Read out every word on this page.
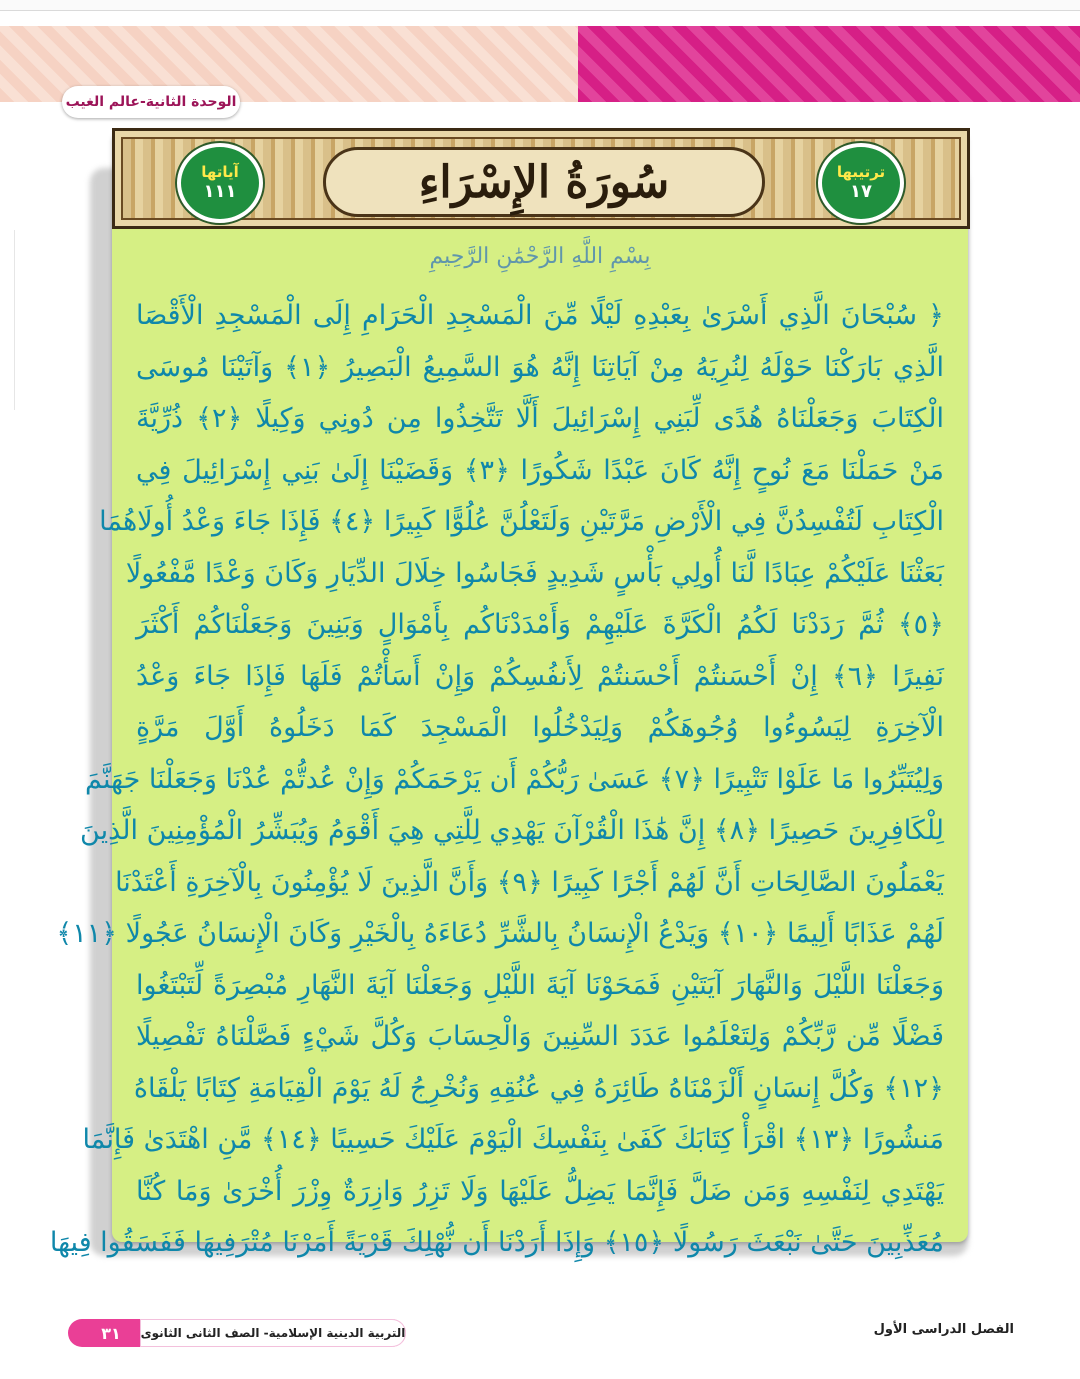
الوحدة الثانية-عالم الغيب
سُورَةُ الإِسْرَاءِ
آياتها
١١١
ترتيبها
١٧
بِسْمِ اللَّهِ الرَّحْمَٰنِ الرَّحِيمِ
﴿ سُبْحَانَ الَّذِي أَسْرَىٰ بِعَبْدِهِ لَيْلًا مِّنَ الْمَسْجِدِ الْحَرَامِ إِلَى الْمَسْجِدِ الْأَقْصَا
الَّذِي بَارَكْنَا حَوْلَهُ لِنُرِيَهُ مِنْ آيَاتِنَا إِنَّهُ هُوَ السَّمِيعُ الْبَصِيرُ ﴿١﴾ وَآتَيْنَا مُوسَى
الْكِتَابَ وَجَعَلْنَاهُ هُدًى لِّبَنِي إِسْرَائِيلَ أَلَّا تَتَّخِذُوا مِن دُونِي وَكِيلًا ﴿٢﴾ ذُرِّيَّةَ
مَنْ حَمَلْنَا مَعَ نُوحٍ إِنَّهُ كَانَ عَبْدًا شَكُورًا ﴿٣﴾ وَقَضَيْنَا إِلَىٰ بَنِي إِسْرَائِيلَ فِي
الْكِتَابِ لَتُفْسِدُنَّ فِي الْأَرْضِ مَرَّتَيْنِ وَلَتَعْلُنَّ عُلُوًّا كَبِيرًا ﴿٤﴾ فَإِذَا جَاءَ وَعْدُ أُولَاهُمَا
بَعَثْنَا عَلَيْكُمْ عِبَادًا لَّنَا أُولِي بَأْسٍ شَدِيدٍ فَجَاسُوا خِلَالَ الدِّيَارِ وَكَانَ وَعْدًا مَّفْعُولًا
﴿٥﴾ ثُمَّ رَدَدْنَا لَكُمُ الْكَرَّةَ عَلَيْهِمْ وَأَمْدَدْنَاكُم بِأَمْوَالٍ وَبَنِينَ وَجَعَلْنَاكُمْ أَكْثَرَ
نَفِيرًا ﴿٦﴾ إِنْ أَحْسَنتُمْ أَحْسَنتُمْ لِأَنفُسِكُمْ وَإِنْ أَسَأْتُمْ فَلَهَا فَإِذَا جَاءَ وَعْدُ
الْآخِرَةِ لِيَسُوءُوا وُجُوهَكُمْ وَلِيَدْخُلُوا الْمَسْجِدَ كَمَا دَخَلُوهُ أَوَّلَ مَرَّةٍ
وَلِيُتَبِّرُوا مَا عَلَوْا تَتْبِيرًا ﴿٧﴾ عَسَىٰ رَبُّكُمْ أَن يَرْحَمَكُمْ وَإِنْ عُدتُّمْ عُدْنَا وَجَعَلْنَا جَهَنَّمَ
لِلْكَافِرِينَ حَصِيرًا ﴿٨﴾ إِنَّ هَٰذَا الْقُرْآنَ يَهْدِي لِلَّتِي هِيَ أَقْوَمُ وَيُبَشِّرُ الْمُؤْمِنِينَ الَّذِينَ
يَعْمَلُونَ الصَّالِحَاتِ أَنَّ لَهُمْ أَجْرًا كَبِيرًا ﴿٩﴾ وَأَنَّ الَّذِينَ لَا يُؤْمِنُونَ بِالْآخِرَةِ أَعْتَدْنَا
لَهُمْ عَذَابًا أَلِيمًا ﴿١٠﴾ وَيَدْعُ الْإِنسَانُ بِالشَّرِّ دُعَاءَهُ بِالْخَيْرِ وَكَانَ الْإِنسَانُ عَجُولًا ﴿١١﴾
وَجَعَلْنَا اللَّيْلَ وَالنَّهَارَ آيَتَيْنِ فَمَحَوْنَا آيَةَ اللَّيْلِ وَجَعَلْنَا آيَةَ النَّهَارِ مُبْصِرَةً لِّتَبْتَغُوا
فَضْلًا مِّن رَّبِّكُمْ وَلِتَعْلَمُوا عَدَدَ السِّنِينَ وَالْحِسَابَ وَكُلَّ شَيْءٍ فَصَّلْنَاهُ تَفْصِيلًا
﴿١٢﴾ وَكُلَّ إِنسَانٍ أَلْزَمْنَاهُ طَائِرَهُ فِي عُنُقِهِ وَنُخْرِجُ لَهُ يَوْمَ الْقِيَامَةِ كِتَابًا يَلْقَاهُ
مَنشُورًا ﴿١٣﴾ اقْرَأْ كِتَابَكَ كَفَىٰ بِنَفْسِكَ الْيَوْمَ عَلَيْكَ حَسِيبًا ﴿١٤﴾ مَّنِ اهْتَدَىٰ فَإِنَّمَا
يَهْتَدِي لِنَفْسِهِ وَمَن ضَلَّ فَإِنَّمَا يَضِلُّ عَلَيْهَا وَلَا تَزِرُ وَازِرَةٌ وِزْرَ أُخْرَىٰ وَمَا كُنَّا
مُعَذِّبِينَ حَتَّىٰ نَبْعَثَ رَسُولًا ﴿١٥﴾ وَإِذَا أَرَدْنَا أَن نُّهْلِكَ قَرْيَةً أَمَرْنَا مُتْرَفِيهَا فَفَسَقُوا فِيهَا
٣١	التربية الدينية الإسلامية- الصف الثانى الثانوى	الفصل الدراسى الأول
